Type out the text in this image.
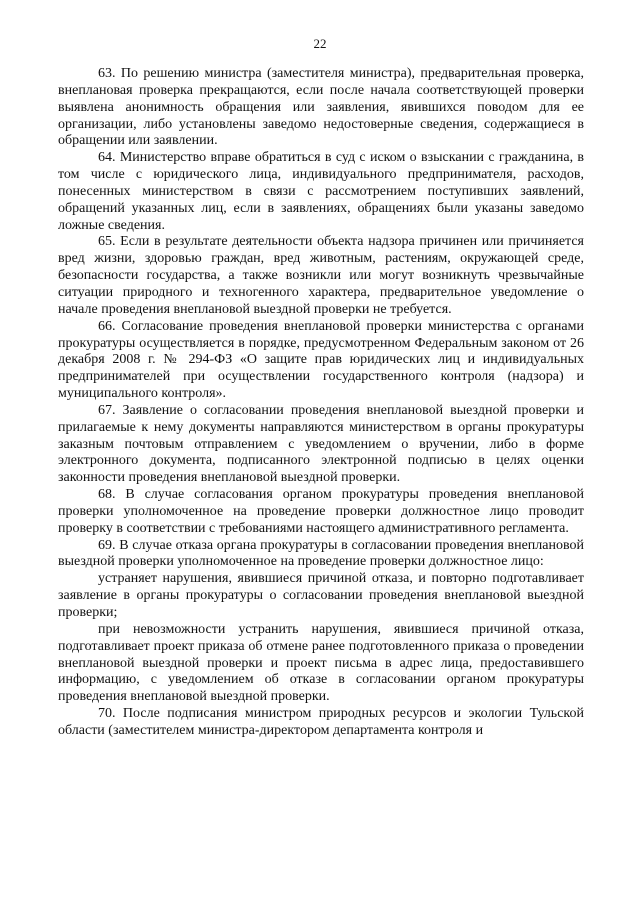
22

63. По решению министра (заместителя министра), предварительная проверка, внеплановая проверка прекращаются, если после начала соответствующей проверки выявлена анонимность обращения или заявления, явившихся поводом для ее организации, либо установлены заведомо недостоверные сведения, содержащиеся в обращении или заявлении.

64. Министерство вправе обратиться в суд с иском о взыскании с гражданина, в том числе с юридического лица, индивидуального предпринимателя, расходов, понесенных министерством в связи с рассмотрением поступивших заявлений, обращений указанных лиц, если в заявлениях, обращениях были указаны заведомо ложные сведения.

65. Если в результате деятельности объекта надзора причинен или причиняется вред жизни, здоровью граждан, вред животным, растениям, окружающей среде, безопасности государства, а также возникли или могут возникнуть чрезвычайные ситуации природного и техногенного характера, предварительное уведомление о начале проведения внеплановой выездной проверки не требуется.

66. Согласование проведения внеплановой проверки министерства с органами прокуратуры осуществляется в порядке, предусмотренном Федеральным законом от 26 декабря 2008 г. № 294-ФЗ «О защите прав юридических лиц и индивидуальных предпринимателей при осуществлении государственного контроля (надзора) и муниципального контроля».

67. Заявление о согласовании проведения внеплановой выездной проверки и прилагаемые к нему документы направляются министерством в органы прокуратуры заказным почтовым отправлением с уведомлением о вручении, либо в форме электронного документа, подписанного электронной подписью в целях оценки законности проведения внеплановой выездной проверки.

68. В случае согласования органом прокуратуры проведения внеплановой проверки уполномоченное на проведение проверки должностное лицо проводит проверку в соответствии с требованиями настоящего административного регламента.

69. В случае отказа органа прокуратуры в согласовании проведения внеплановой выездной проверки уполномоченное на проведение проверки должностное лицо:

устраняет нарушения, явившиеся причиной отказа, и повторно подготавливает заявление в органы прокуратуры о согласовании проведения внеплановой выездной проверки;

при невозможности устранить нарушения, явившиеся причиной отказа, подготавливает проект приказа об отмене ранее подготовленного приказа о проведении внеплановой выездной проверки и проект письма в адрес лица, предоставившего информацию, с уведомлением об отказе в согласовании органом прокуратуры проведения внеплановой выездной проверки.

70. После подписания министром природных ресурсов и экологии Тульской области (заместителем министра-директором департамента контроля и
